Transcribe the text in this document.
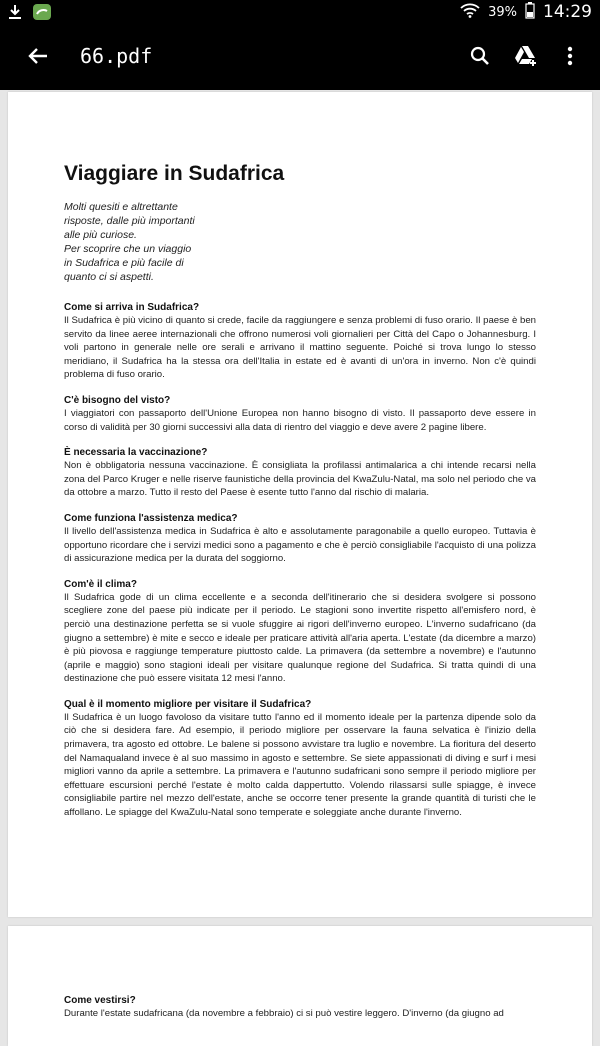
39% 14:29
66.pdf
Viaggiare in Sudafrica

Molti quesiti e altrettante
risposte, dalle più importanti
alle più curiose.
Per scoprire che un viaggio
in Sudafrica e più facile di
quanto ci si aspetti.

Come si arriva in Sudafrica?

Il Sudafrica è più vicino di quanto si crede, facile da raggiungere e senza problemi di fuso orario. Il paese è ben servito da linee aeree internazionali che offrono numerosi voli giornalieri per Città del Capo o Johannesburg. I voli partono in generale nelle ore serali e arrivano il mattino seguente. Poiché si trova lungo lo stesso meridiano, il Sudafrica ha la stessa ora dell'Italia in estate ed è avanti di un'ora in inverno. Non c'è quindi problema di fuso orario.

C'è bisogno del visto?

I viaggiatori con passaporto dell'Unione Europea non hanno bisogno di visto. Il passaporto deve essere in corso di validità per 30 giorni successivi alla data di rientro del viaggio e deve avere 2 pagine libere.

È necessaria la vaccinazione?

Non è obbligatoria nessuna vaccinazione. È consigliata la profilassi antimalarica a chi intende recarsi nella zona del Parco Kruger e nelle riserve faunistiche della provincia del KwaZulu-Natal, ma solo nel periodo che va da ottobre a marzo. Tutto il resto del Paese è esente tutto l'anno dal rischio di malaria.

Come funziona l'assistenza medica?

Il livello dell'assistenza medica in Sudafrica è alto e assolutamente paragonabile a quello europeo. Tuttavia è opportuno ricordare che i servizi medici sono a pagamento e che è perciò consigliabile l'acquisto di una polizza di assicurazione medica per la durata del soggiorno.

Com'è il clima?

Il Sudafrica gode di un clima eccellente e a seconda dell'itinerario che si desidera svolgere si possono scegliere zone del paese più indicate per il periodo. Le stagioni sono invertite rispetto all'emisfero nord, è perciò una destinazione perfetta se si vuole sfuggire ai rigori dell'inverno europeo. L'inverno sudafricano (da giugno a settembre) è mite e secco e ideale per praticare attività all'aria aperta. L'estate (da dicembre a marzo) è più piovosa e raggiunge temperature piuttosto calde. La primavera (da settembre a novembre) e l'autunno (aprile e maggio) sono stagioni ideali per visitare qualunque regione del Sudafrica. Si tratta quindi di una destinazione che può essere visitata 12 mesi l'anno.

Qual è il momento migliore per visitare il Sudafrica?

Il Sudafrica è un luogo favoloso da visitare tutto l'anno ed il momento ideale per la partenza dipende solo da ciò che si desidera fare. Ad esempio, il periodo migliore per osservare la fauna selvatica è l'inizio della primavera, tra agosto ed ottobre. Le balene si possono avvistare tra luglio e novembre. La fioritura del deserto del Namaqualand invece è al suo massimo in agosto e settembre. Se siete appassionati di diving e surf i mesi migliori vanno da aprile a settembre. La primavera e l'autunno sudafricani sono sempre il periodo migliore per effettuare escursioni perché l'estate è molto calda dappertutto. Volendo rilassarsi sulle spiagge, è invece consigliabile partire nel mezzo dell'estate, anche se occorre tener presente la grande quantità di turisti che le affollano. Le spiagge del KwaZulu-Natal sono temperate e soleggiate anche durante l'inverno.

Come vestirsi?

Durante l'estate sudafricana (da novembre a febbraio) ci si può vestire leggero. D'inverno (da giugno ad
